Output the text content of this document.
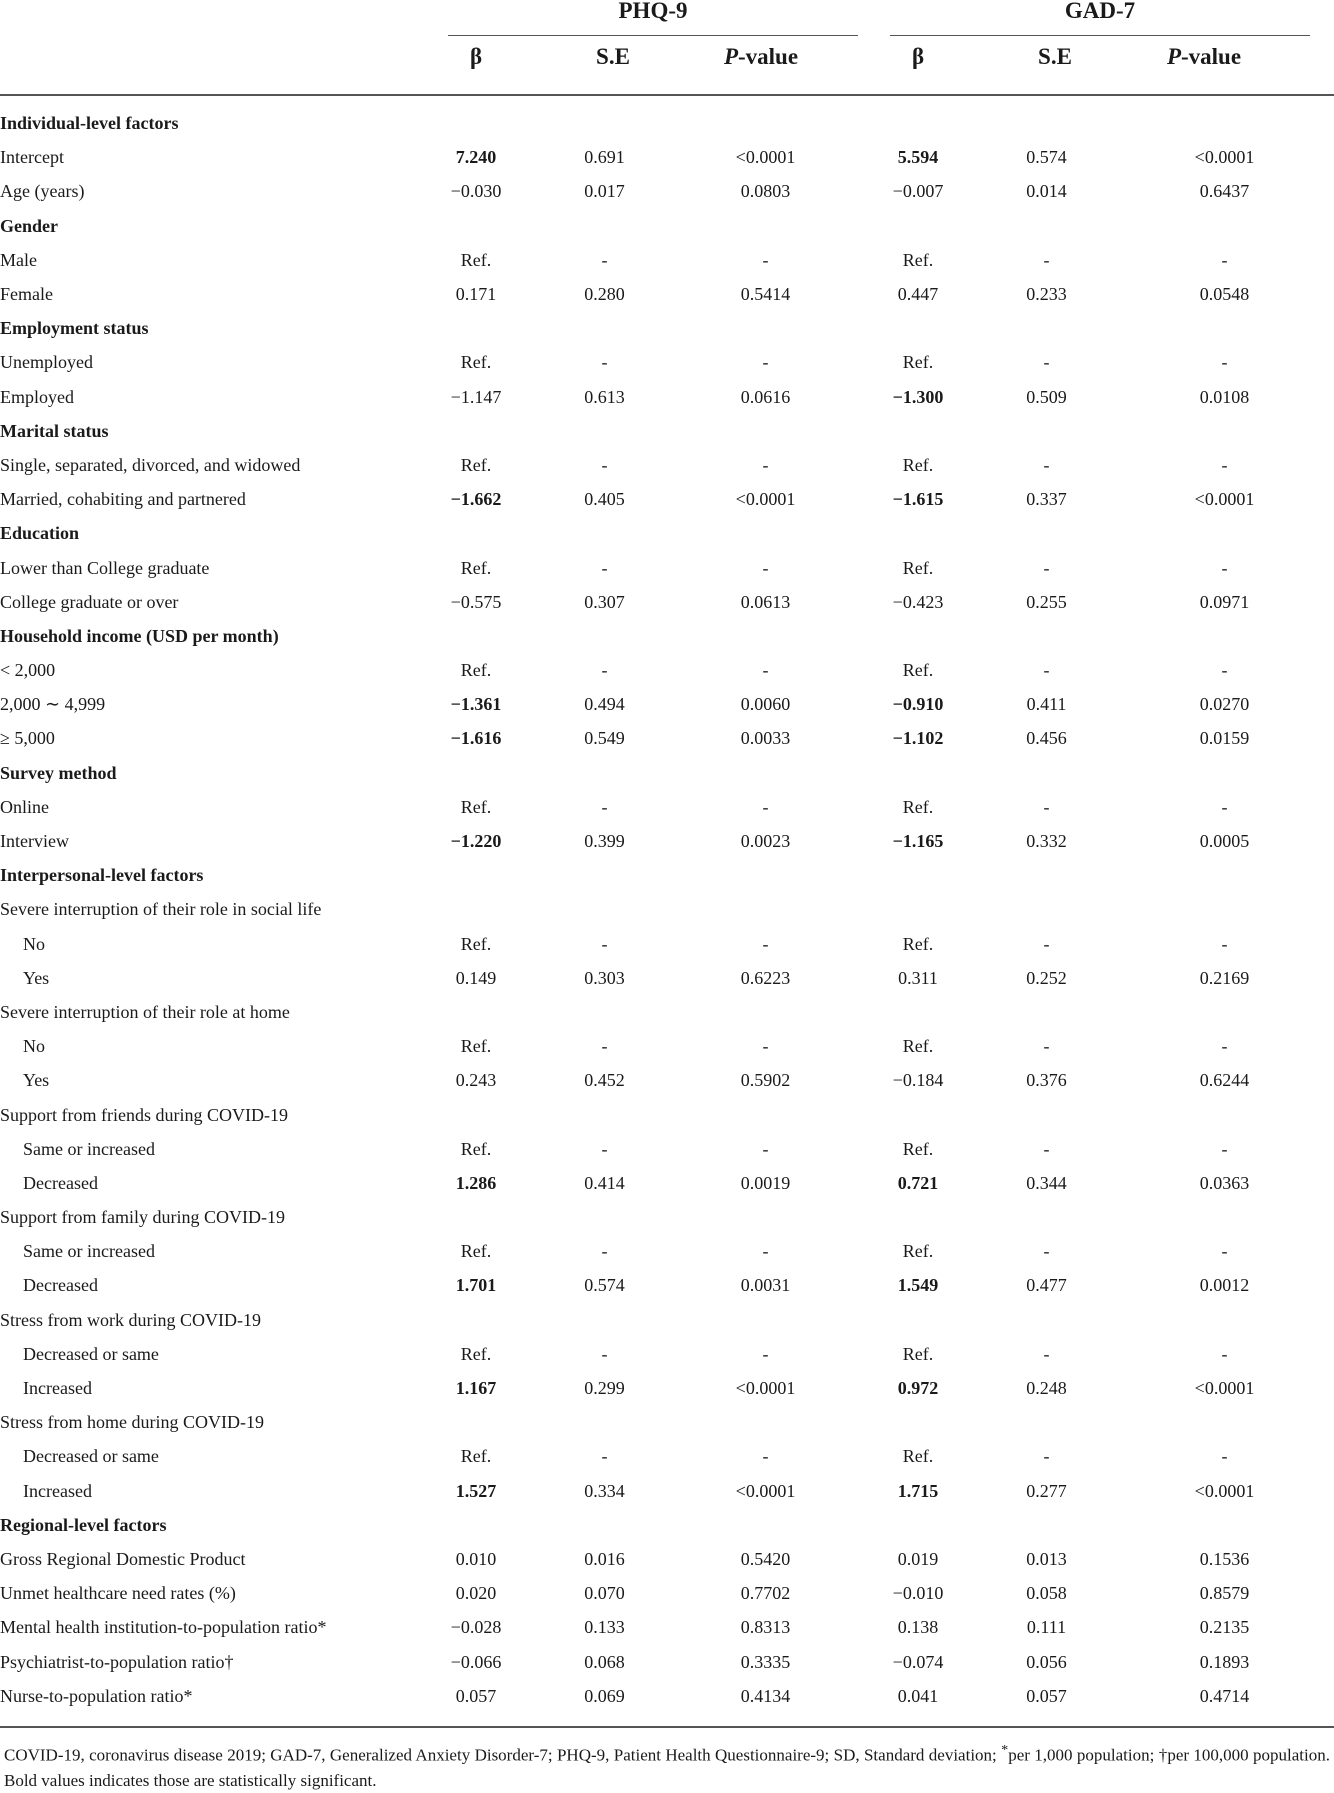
PHQ-9	GAD-7
β	S.E	P-value	β	S.E	P-value
Individual-level factors						
Intercept	7.240	0.691	<0.0001	5.594	0.574	<0.0001
Age (years)	−0.030	0.017	0.0803	−0.007	0.014	0.6437
Gender						
Male	Ref.	-	-	Ref.	-	-
Female	0.171	0.280	0.5414	0.447	0.233	0.0548
Employment status						
Unemployed	Ref.	-	-	Ref.	-	-
Employed	−1.147	0.613	0.0616	−1.300	0.509	0.0108
Marital status						
Single, separated, divorced, and widowed	Ref.	-	-	Ref.	-	-
Married, cohabiting and partnered	−1.662	0.405	<0.0001	−1.615	0.337	<0.0001
Education						
Lower than College graduate	Ref.	-	-	Ref.	-	-
College graduate or over	−0.575	0.307	0.0613	−0.423	0.255	0.0971
Household income (USD per month)						
< 2,000	Ref.	-	-	Ref.	-	-
2,000 ∼ 4,999	−1.361	0.494	0.0060	−0.910	0.411	0.0270
≥ 5,000	−1.616	0.549	0.0033	−1.102	0.456	0.0159
Survey method						
Online	Ref.	-	-	Ref.	-	-
Interview	−1.220	0.399	0.0023	−1.165	0.332	0.0005
Interpersonal-level factors						
Severe interruption of their role in social life						
No	Ref.	-	-	Ref.	-	-
Yes	0.149	0.303	0.6223	0.311	0.252	0.2169
Severe interruption of their role at home						
No	Ref.	-	-	Ref.	-	-
Yes	0.243	0.452	0.5902	−0.184	0.376	0.6244
Support from friends during COVID-19						
Same or increased	Ref.	-	-	Ref.	-	-
Decreased	1.286	0.414	0.0019	0.721	0.344	0.0363
Support from family during COVID-19						
Same or increased	Ref.	-	-	Ref.	-	-
Decreased	1.701	0.574	0.0031	1.549	0.477	0.0012
Stress from work during COVID-19						
Decreased or same	Ref.	-	-	Ref.	-	-
Increased	1.167	0.299	<0.0001	0.972	0.248	<0.0001
Stress from home during COVID-19						
Decreased or same	Ref.	-	-	Ref.	-	-
Increased	1.527	0.334	<0.0001	1.715	0.277	<0.0001
Regional-level factors						
Gross Regional Domestic Product	0.010	0.016	0.5420	0.019	0.013	0.1536
Unmet healthcare need rates (%)	0.020	0.070	0.7702	−0.010	0.058	0.8579
Mental health institution-to-population ratio*	−0.028	0.133	0.8313	0.138	0.111	0.2135
Psychiatrist-to-population ratio†	−0.066	0.068	0.3335	−0.074	0.056	0.1893
Nurse-to-population ratio*	0.057	0.069	0.4134	0.041	0.057	0.4714
COVID-19, coronavirus disease 2019; GAD-7, Generalized Anxiety Disorder-7; PHQ-9, Patient Health Questionnaire-9; SD, Standard deviation; *per 1,000 population; †per 100,000 population. Bold values indicates those are statistically significant.
